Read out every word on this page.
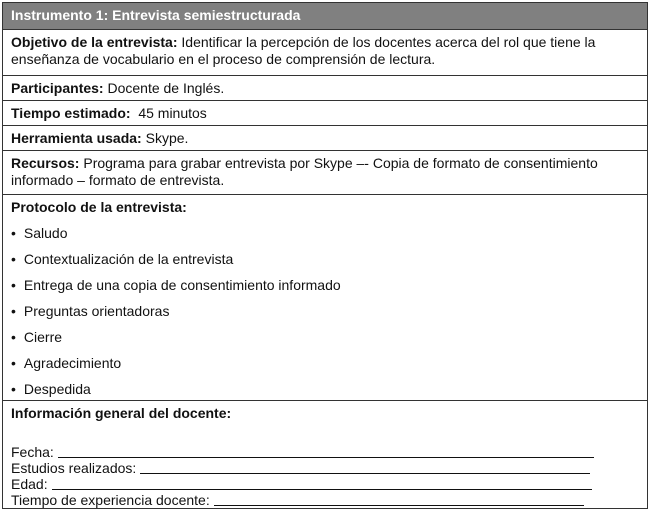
Instrumento 1: Entrevista semiestructurada
Objetivo de la entrevista: Identificar la percepción de los docentes acerca del rol que tiene la enseñanza de vocabulario en el proceso de comprensión de lectura.
Participantes: Docente de Inglés.
Tiempo estimado:  45 minutos
Herramienta usada: Skype.
Recursos: Programa para grabar entrevista por Skype –- Copia de formato de consentimiento informado – formato de entrevista.
Protocolo de la entrevista:
• Saludo
• Contextualización de la entrevista
• Entrega de una copia de consentimiento informado
• Preguntas orientadoras
• Cierre
• Agradecimiento
• Despedida
Información general del docente:
Fecha:
Estudios realizados:
Edad:
Tiempo de experiencia docente:
